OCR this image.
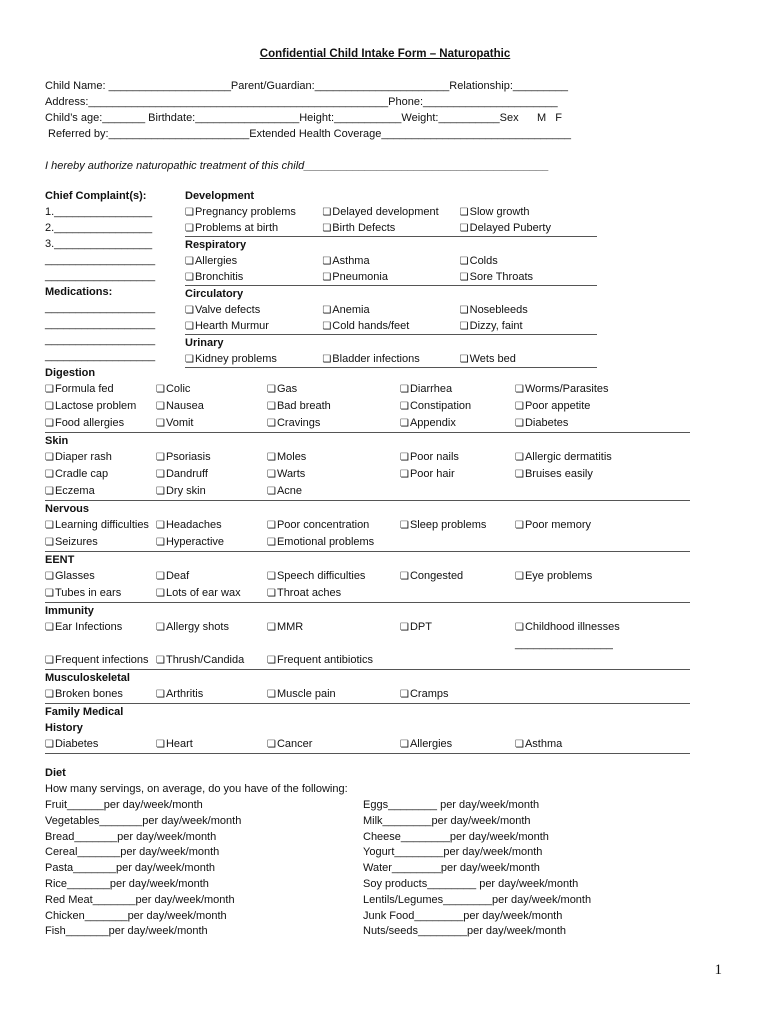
Confidential Child Intake Form – Naturopathic
Child Name: ____________________Parent/Guardian:______________________Relationship:_________
Address:_________________________________________________Phone:______________________
Child’s age:_______ Birthdate:_________________Height:___________Weight:__________Sex      M   F
Referred by:_______________________Extended Health Coverage_______________________________
I hereby authorize naturopathic treatment of this child________________________________________
Chief Complaint(s):
1.________________
2.________________
3.________________
__________________
__________________
Medications:
__________________
__________________
__________________
__________________
Development
❏ Pregnancy problems	❏ Delayed development	❏ Slow growth
❏ Problems at birth	❏ Birth Defects	❏ Delayed Puberty
Respiratory
❏ Allergies	❏ Asthma	❏ Colds
❏ Bronchitis	❏ Pneumonia	❏ Sore Throats
Circulatory
❏ Valve defects	❏ Anemia	❏ Nosebleeds
❏ Hearth Murmur	❏ Cold hands/feet	❏ Dizzy, faint
Urinary
❏ Kidney problems	❏ Bladder infections	❏ Wets bed
Digestion
❏ Formula fed	❏ Colic	❏ Gas	❏ Diarrhea	❏ Worms/Parasites
❏ Lactose problem	❏ Nausea	❏ Bad breath	❏ Constipation	❏ Poor appetite
❏ Food allergies	❏ Vomit	❏ Cravings	❏ Appendix	❏ Diabetes
Skin
❏ Diaper rash	❏ Psoriasis	❏ Moles	❏ Poor nails	❏ Allergic dermatitis
❏ Cradle cap	❏ Dandruff	❏ Warts	❏ Poor hair	❏ Bruises easily
❏ Eczema	❏ Dry skin	❏ Acne
Nervous
❏ Learning difficulties	❏ Headaches	❏ Poor concentration	❏ Sleep problems	❏ Poor memory
❏ Seizures	❏ Hyperactive	❏ Emotional problems
EENT
❏ Glasses	❏ Deaf	❏ Speech difficulties	❏ Congested	❏ Eye problems
❏ Tubes in ears	❏ Lots of ear wax	❏ Throat aches
Immunity
❏ Ear Infections	❏ Allergy shots	❏ MMR	❏ DPT	❏ Childhood illnesses ________________
❏ Frequent infections	❏ Thrush/Candida	❏ Frequent antibiotics
Musculoskeletal
❏ Broken bones	❏ Arthritis	❏ Muscle pain	❏ Cramps
Family Medical History
❏ Diabetes	❏ Heart	❏ Cancer	❏ Allergies	❏ Asthma
Diet
How many servings, on average, do you have of the following:
Fruit______per day/week/month
Vegetables_______per day/week/month
Bread_______per day/week/month
Cereal_______per day/week/month
Pasta_______per day/week/month
Rice_______per day/week/month
Red Meat_______per day/week/month
Chicken_______per day/week/month
Fish_______per day/week/month
Eggs________ per day/week/month
Milk________per day/week/month
Cheese________per day/week/month
Yogurt________per day/week/month
Water________per day/week/month
Soy products________ per day/week/month
Lentils/Legumes________per day/week/month
Junk Food________per day/week/month
Nuts/seeds________per day/week/month
1
